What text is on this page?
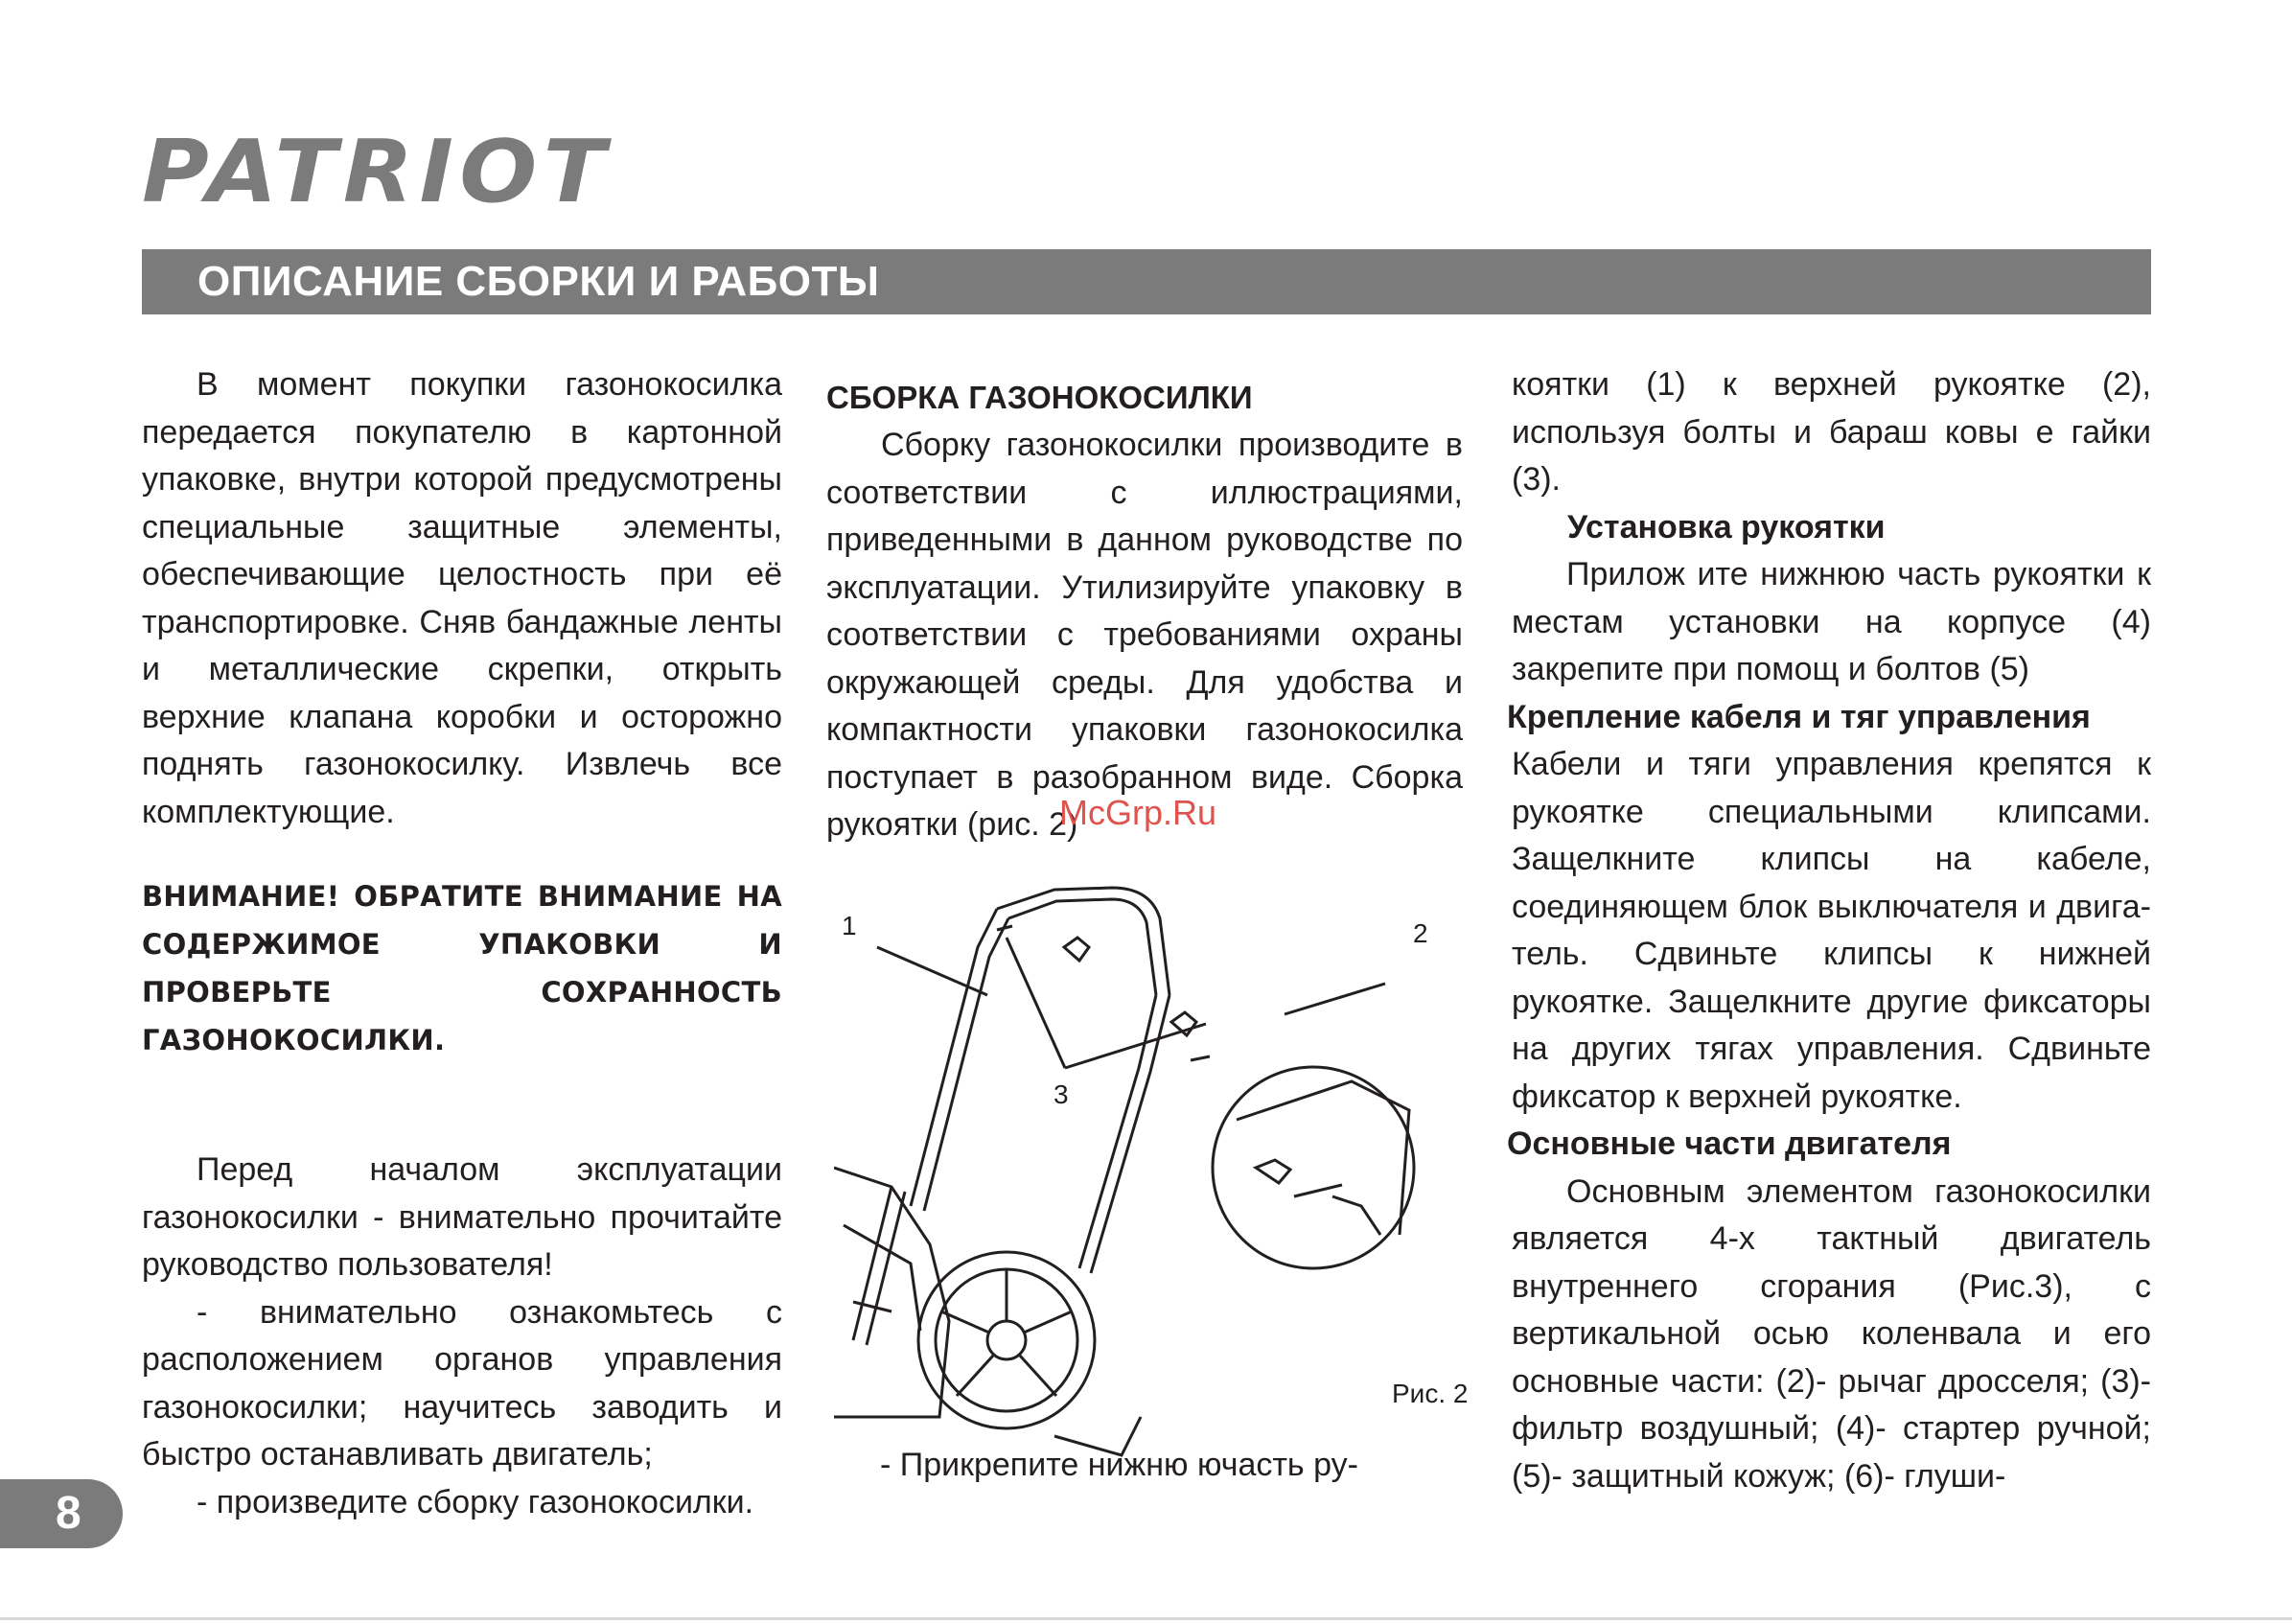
PATRIOT
ОПИСАНИЕ СБОРКИ И РАБОТЫ

В момент покупки газонокосилка передается покупателю в картонной упаковке, внутри которой предусмотрены специальные защитные элементы, обеспечивающие целостность при её транспортировке. Сняв бандажные ленты и металлические скрепки, открыть верхние клапана коробки и осторожно поднять газонокосилку. Извлечь все комплектующие.

ВНИМАНИЕ! ОБРАТИТЕ ВНИМАНИЕ НА СОДЕРЖИМОЕ УПАКОВКИ И ПРОВЕРЬТЕ СОХРАННОСТЬ ГАЗОНОКОСИЛКИ.

Перед началом эксплуатации газонокосилки - внимательно прочитайте руководство пользователя!

- внимательно ознакомьтесь с расположением органов управления газонокосилки; научитесь заводить и быстро останавливать двигатель;

- произведите сборку газонокосилки.

СБОРКА ГАЗОНОКОСИЛКИ

Сборку газонокосилки производите в соответствии с иллюстрациями, приведенными в данном руководстве по эксплуатации. Утилизируйте упаковку в соответствии с требованиями охраны окружающей среды. Для удобства и компактности упаковки газонокосилка поступает в разобранном виде. Сборка рукоятки (рис. 2)

1	2
3
Рис. 2
- Прикрепите нижню ючасть ру-
McGrp.Ru

коятки (1) к верхней рукоятке (2), используя болты и бараш ковы е гайки (3).

Установка рукоятки

Прилож ите нижнюю часть рукоятки к местам установки на корпусе (4) закрепите при помощ и болтов (5)

Крепление кабеля и тяг управления

Кабели и тяги управления крепятся к рукоятке специальными клипсами. Защелкните клипсы на кабеле, соединяющем блок выключателя и двига-тель. Сдвиньте клипсы к нижней рукоятке. Защелкните другие фиксаторы на других тягах управления. Сдвиньте фиксатор к верхней рукоятке.

Основные части двигателя

Основным элементом газонокосилки является 4-х тактный двигатель внутреннего сгорания (Рис.3), с вертикальной осью коленвала и его основные части: (2)- рычаг дросселя; (3)- фильтр воздушный; (4)- стартер ручной; (5)- защитный кожуж; (6)- глуши-

8
